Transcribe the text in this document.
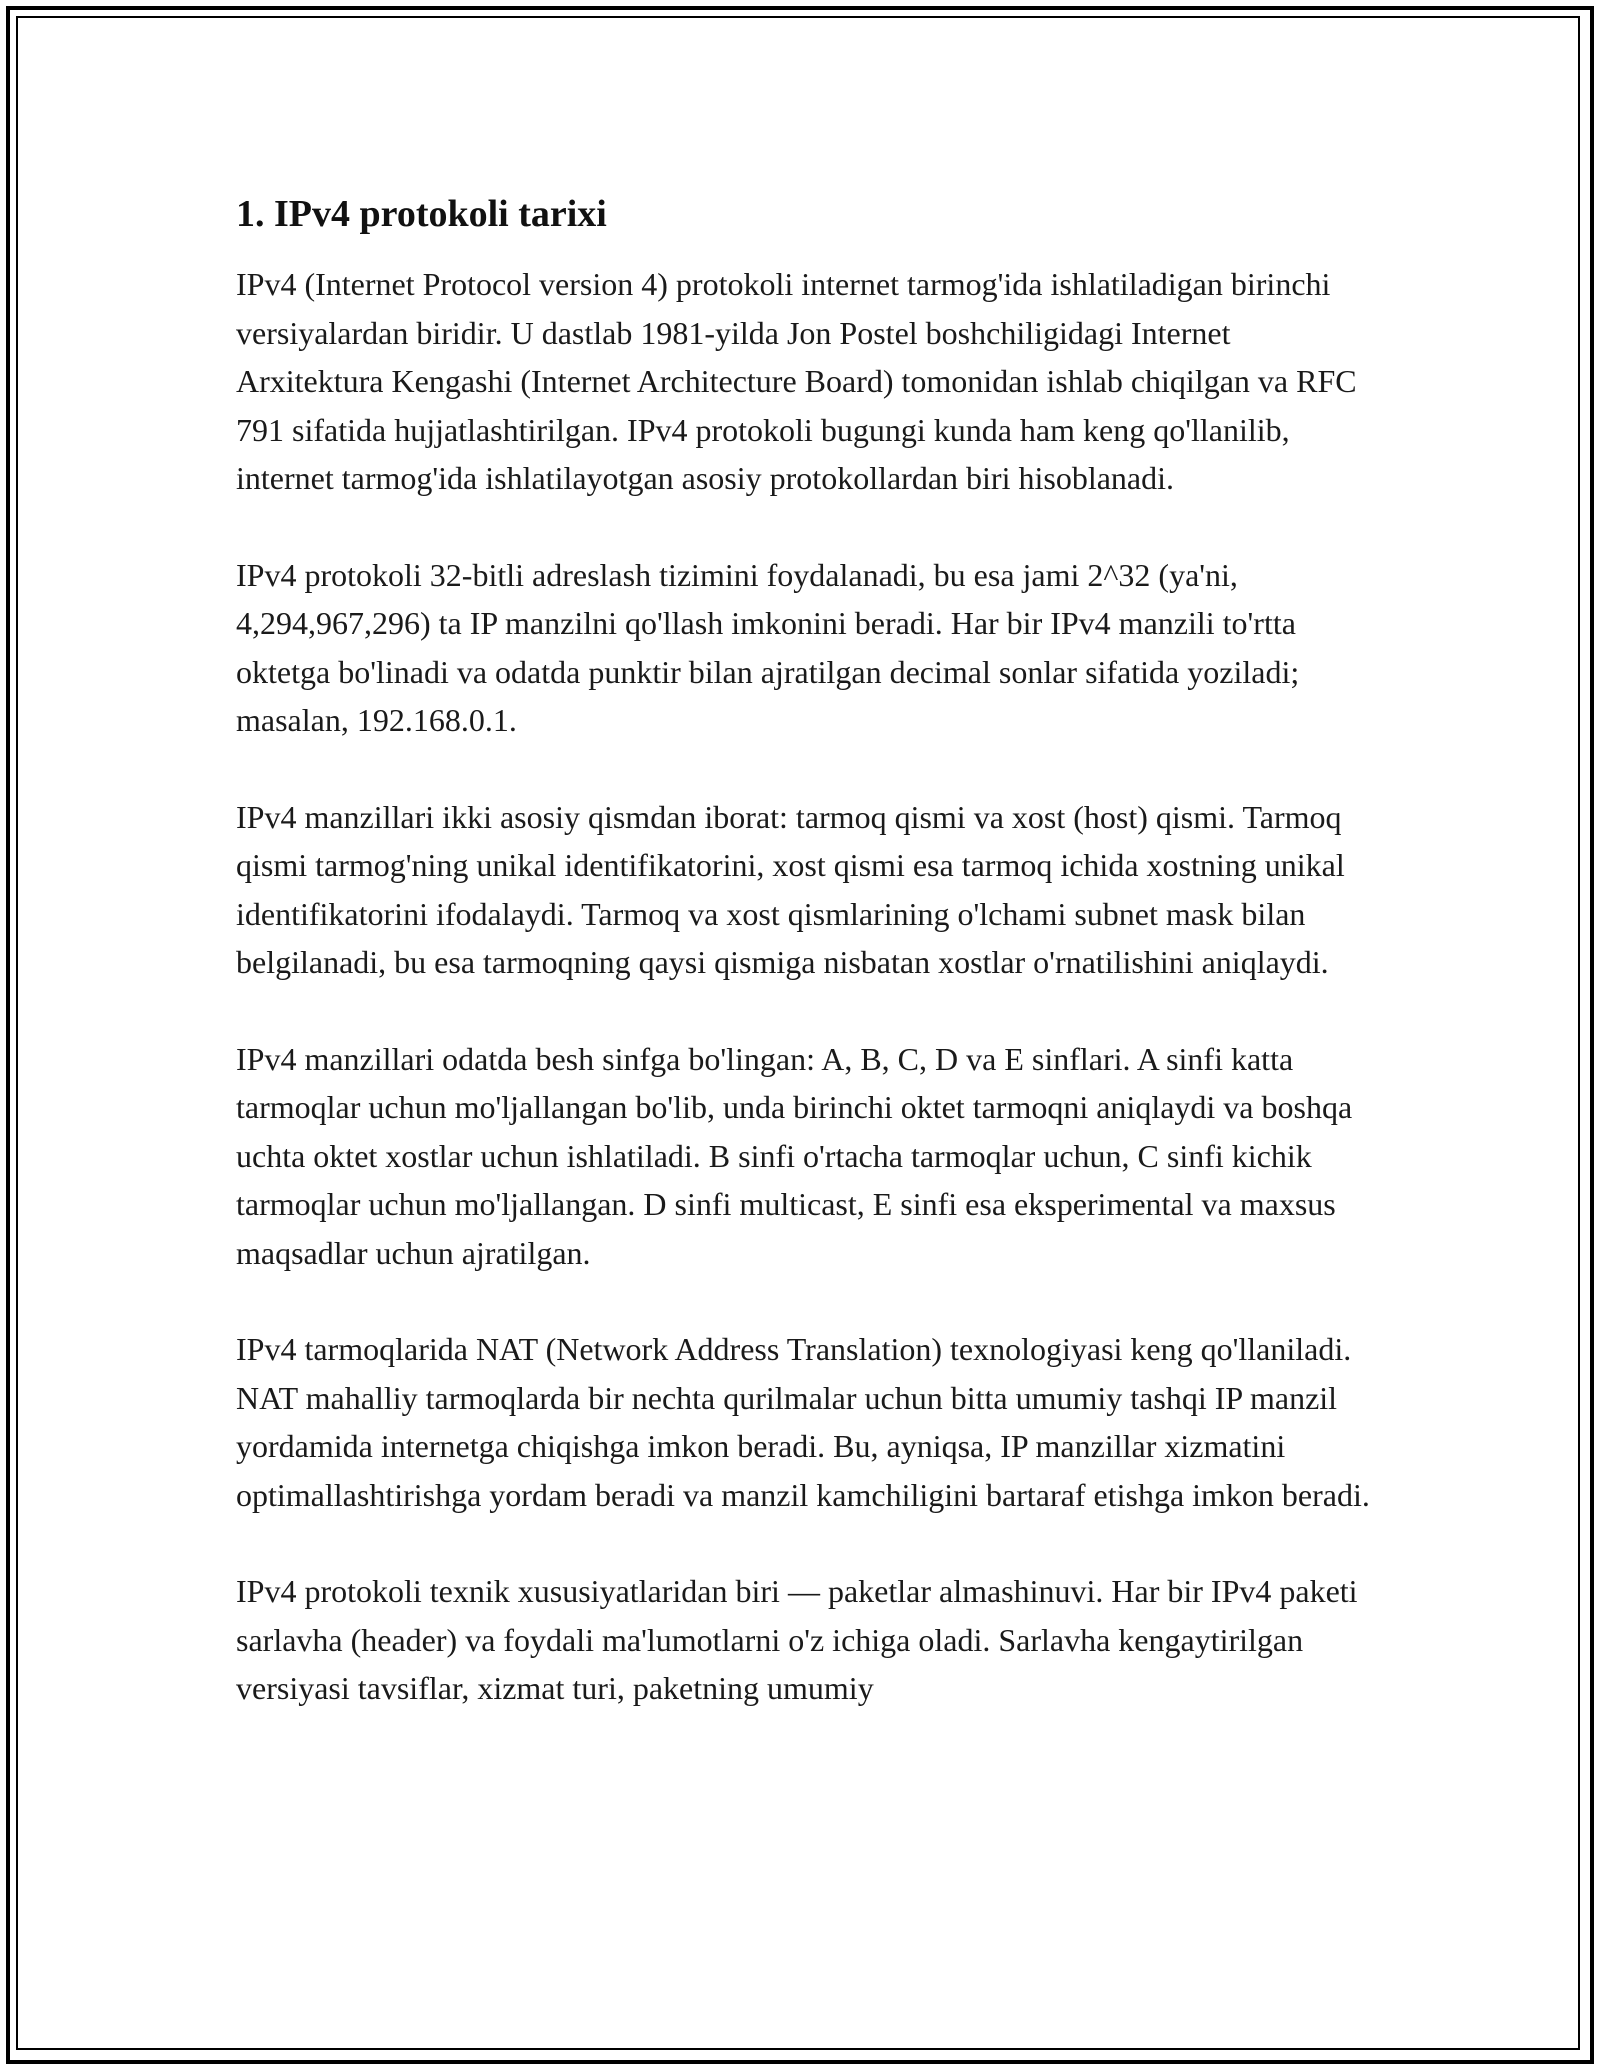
1. IPv4 protokoli tarixi

IPv4 (Internet Protocol version 4) protokoli internet tarmog'ida ishlatiladigan birinchi versiyalardan biridir. U dastlab 1981-yilda Jon Postel boshchiligidagi Internet Arxitektura Kengashi (Internet Architecture Board) tomonidan ishlab chiqilgan va RFC 791 sifatida hujjatlashtirilgan. IPv4 protokoli bugungi kunda ham keng qo'llanilib, internet tarmog'ida ishlatilayotgan asosiy protokollardan biri hisoblanadi.

IPv4 protokoli 32-bitli adreslash tizimini foydalanadi, bu esa jami 2^32 (ya'ni, 4,294,967,296) ta IP manzilni qo'llash imkonini beradi. Har bir IPv4 manzili to'rtta oktetga bo'linadi va odatda punktir bilan ajratilgan decimal sonlar sifatida yoziladi; masalan, 192.168.0.1.

IPv4 manzillari ikki asosiy qismdan iborat: tarmoq qismi va xost (host) qismi. Tarmoq qismi tarmog'ning unikal identifikatorini, xost qismi esa tarmoq ichida xostning unikal identifikatorini ifodalaydi. Tarmoq va xost qismlarining o'lchami subnet mask bilan belgilanadi, bu esa tarmoqning qaysi qismiga nisbatan xostlar o'rnatilishini aniqlaydi.

IPv4 manzillari odatda besh sinfga bo'lingan: A, B, C, D va E sinflari. A sinfi katta tarmoqlar uchun mo'ljallangan bo'lib, unda birinchi oktet tarmoqni aniqlaydi va boshqa uchta oktet xostlar uchun ishlatiladi. B sinfi o'rtacha tarmoqlar uchun, C sinfi kichik tarmoqlar uchun mo'ljallangan. D sinfi multicast, E sinfi esa eksperimental va maxsus maqsadlar uchun ajratilgan.

IPv4 tarmoqlarida NAT (Network Address Translation) texnologiyasi keng qo'llaniladi. NAT mahalliy tarmoqlarda bir nechta qurilmalar uchun bitta umumiy tashqi IP manzil yordamida internetga chiqishga imkon beradi. Bu, ayniqsa, IP manzillar xizmatini optimallashtirishga yordam beradi va manzil kamchiligini bartaraf etishga imkon beradi.

IPv4 protokoli texnik xususiyatlaridan biri — paketlar almashinuvi. Har bir IPv4 paketi sarlavha (header) va foydali ma'lumotlarni o'z ichiga oladi. Sarlavha kengaytirilgan versiyasi tavsiflar, xizmat turi, paketning umumiy
